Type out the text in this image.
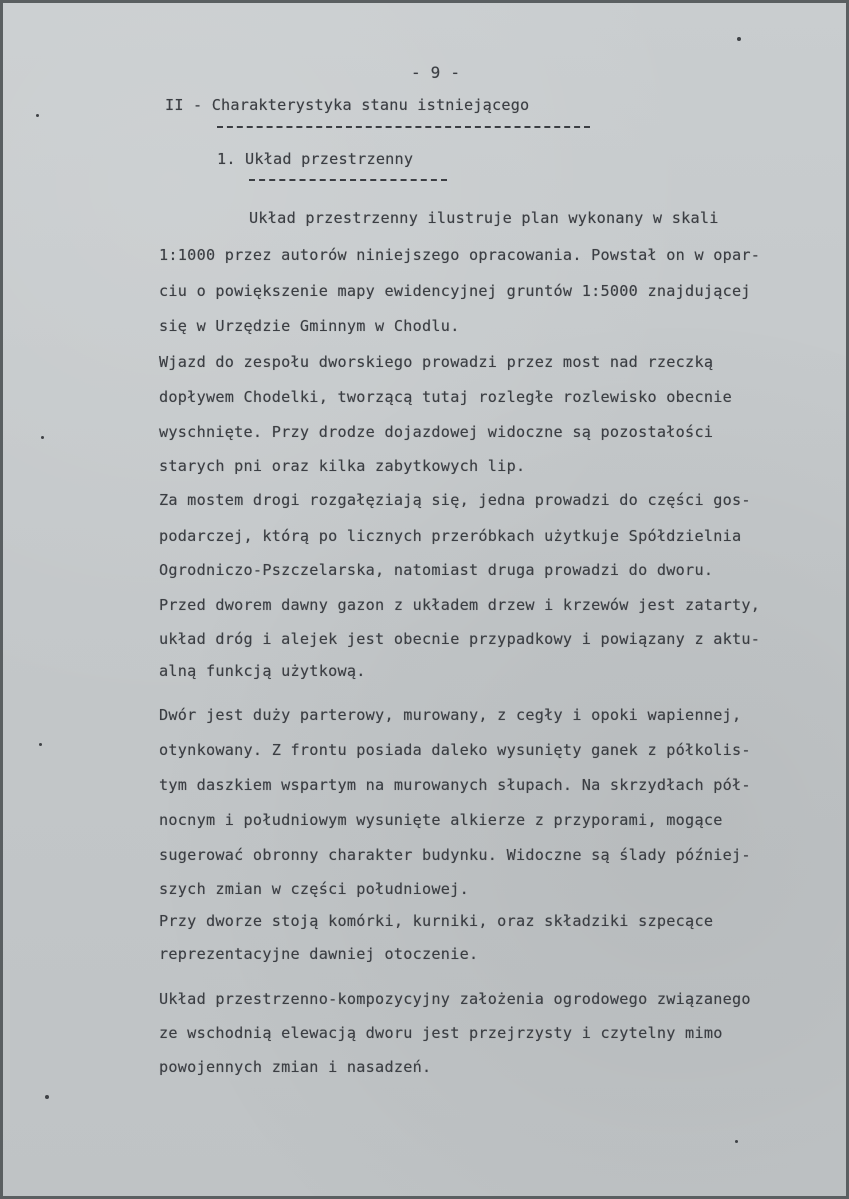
- 9 -
II - Charakterystyka stanu istniejącego
1. Układ przestrzenny
Układ przestrzenny ilustruje plan wykonany w skali
1:1000 przez autorów niniejszego opracowania. Powstał on w opar-
ciu o powiększenie mapy ewidencyjnej gruntów 1:5000 znajdującej
się w Urzędzie Gminnym w Chodlu.
Wjazd do zespołu dworskiego prowadzi przez most nad rzeczką
dopływem Chodelki, tworzącą tutaj rozległe rozlewisko obecnie
wyschnięte. Przy drodze dojazdowej widoczne są pozostałości
starych pni oraz kilka zabytkowych lip.
Za mostem drogi rozgałęziają się, jedna prowadzi do części gos-
podarczej, którą po licznych przeróbkach użytkuje Spółdzielnia
Ogrodniczo-Pszczelarska, natomiast druga prowadzi do dworu.
Przed dworem dawny gazon z układem drzew i krzewów jest zatarty,
układ dróg i alejek jest obecnie przypadkowy i powiązany z aktu-
alną funkcją użytkową.
Dwór jest duży parterowy, murowany, z cegły i opoki wapiennej,
otynkowany. Z frontu posiada daleko wysunięty ganek z półkolis-
tym daszkiem wspartym na murowanych słupach. Na skrzydłach pół-
nocnym i południowym wysunięte alkierze z przyporami, mogące
sugerować obronny charakter budynku. Widoczne są ślady później-
szych zmian w części południowej.
Przy dworze stoją komórki, kurniki, oraz składziki szpecące
reprezentacyjne dawniej otoczenie.
Układ przestrzenno-kompozycyjny założenia ogrodowego związanego
ze wschodnią elewacją dworu jest przejrzysty i czytelny mimo
powojennych zmian i nasadzeń.
